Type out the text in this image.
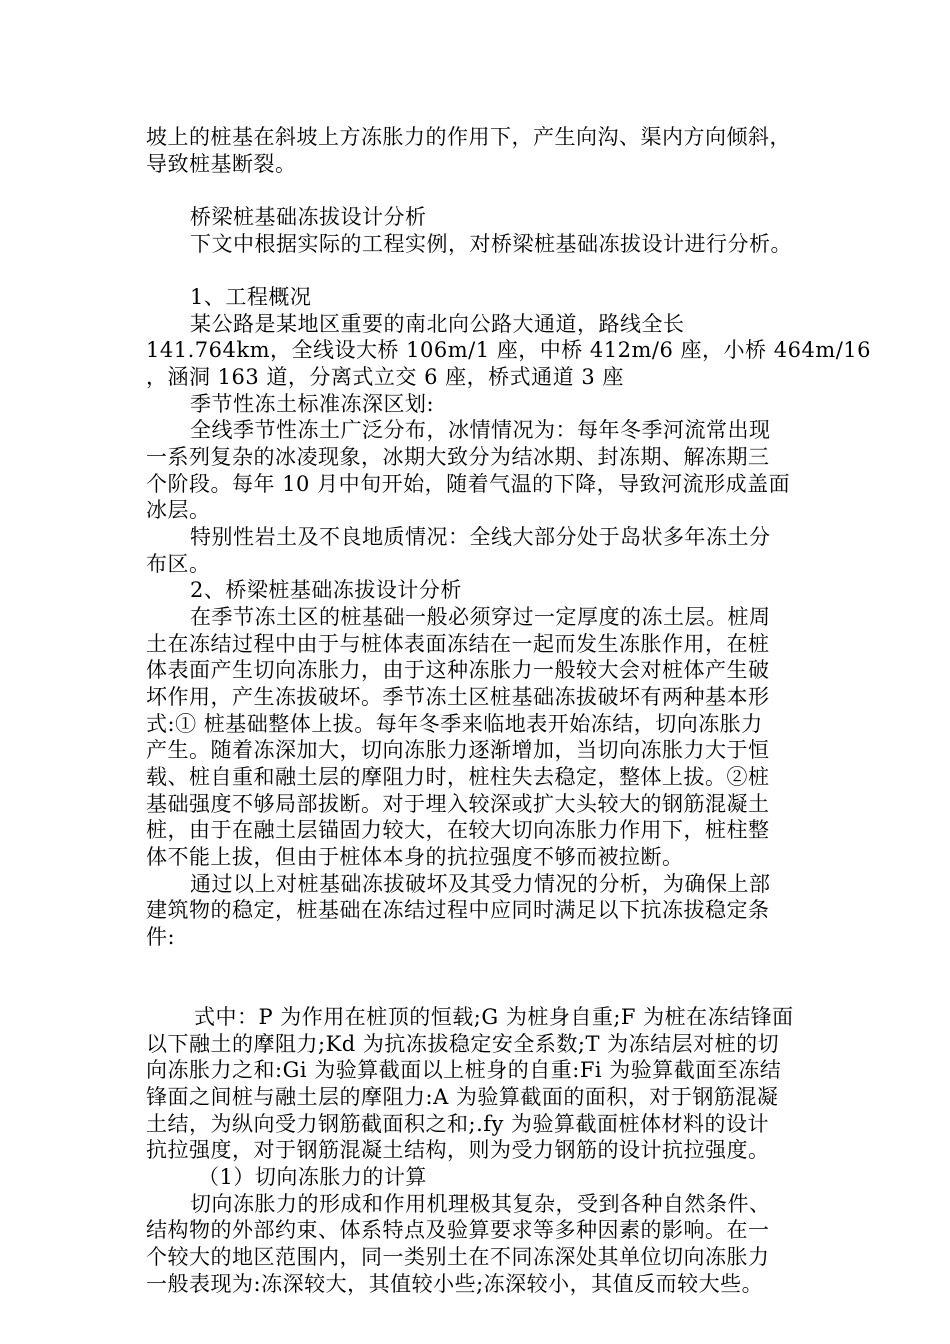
坡上的桩基在斜坡上方冻胀力的作用下，产生向沟、渠内方向倾斜，
导致桩基断裂。
桥梁桩基础冻拔设计分析
下文中根据实际的工程实例，对桥梁桩基础冻拔设计进行分析。
1、工程概况
某公路是某地区重要的南北向公路大通道，路线全长
141.764km，全线设大桥 106m/1 座，中桥 412m/6 座，小桥 464m/16
，涵洞 163 道，分离式立交 6 座，桥式通道 3 座
季节性冻土标准冻深区划:
全线季节性冻土广泛分布，冰情情况为：每年冬季河流常出现
一系列复杂的冰凌现象，冰期大致分为结冰期、封冻期、解冻期三
个阶段。每年 10 月中旬开始，随着气温的下降，导致河流形成盖面
冰层。
特别性岩土及不良地质情况：全线大部分处于岛状多年冻土分
布区。
2、桥梁桩基础冻拔设计分析
在季节冻土区的桩基础一般必须穿过一定厚度的冻土层。桩周
土在冻结过程中由于与桩体表面冻结在一起而发生冻胀作用，在桩
体表面产生切向冻胀力，由于这种冻胀力一般较大会对桩体产生破
坏作用，产生冻拔破坏。季节冻土区桩基础冻拔破坏有两种基本形
式:① 桩基础整体上拔。每年冬季来临地表开始冻结，切向冻胀力
产生。随着冻深加大，切向冻胀力逐渐增加，当切向冻胀力大于恒
载、桩自重和融土层的摩阻力时，桩柱失去稳定，整体上拔。②桩
基础强度不够局部拔断。对于埋入较深或扩大头较大的钢筋混凝土
桩，由于在融土层锚固力较大，在较大切向冻胀力作用下，桩柱整
体不能上拔，但由于桩体本身的抗拉强度不够而被拉断。
通过以上对桩基础冻拔破坏及其受力情况的分析，为确保上部
建筑物的稳定，桩基础在冻结过程中应同时满足以下抗冻拔稳定条
件:
式中：P 为作用在桩顶的恒载;G 为桩身自重;F 为桩在冻结锋面
以下融土的摩阻力;Kd 为抗冻拔稳定安全系数;T 为冻结层对桩的切
向冻胀力之和:Gi 为验算截面以上桩身的自重:Fi 为验算截面至冻结
锋面之间桩与融土层的摩阻力:A 为验算截面的面积，对于钢筋混凝
土结，为纵向受力钢筋截面积之和;.fy 为验算截面桩体材料的设计
抗拉强度，对于钢筋混凝土结构，则为受力钢筋的设计抗拉强度。
（1）切向冻胀力的计算
切向冻胀力的形成和作用机理极其复杂，受到各种自然条件、
结构物的外部约束、体系特点及验算要求等多种因素的影响。在一
个较大的地区范围内，同一类别土在不同冻深处其单位切向冻胀力
一般表现为:冻深较大，其值较小些;冻深较小，其值反而较大些。
